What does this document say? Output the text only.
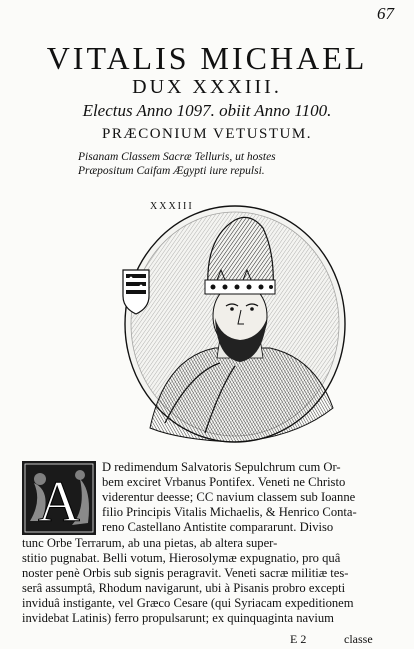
67
VITALIS MICHAEL
DUX XXXIII.
Electus Anno 1097. obiit Anno 1100.
PRÆCONIUM VETUSTUM.
Pisanam Classem Sacræ Telluris, ut hostes
Præpositum Caifam Ægypti iure repulsi.
XXXIII
A
D redimendum Salvatoris Sepulchrum cum Or-
bem exciret Vrbanus Pontifex. Veneti ne Christo
viderentur deesse; CC navium classem sub Ioanne
filio Principis Vitalis Michaelis, & Henrico Conta-
reno Castellano Antistite compararunt. Diviso
tunc Orbe Terrarum, ab una pietas, ab altera super-
stitio pugnabat. Belli votum, Hierosolymæ expugnatio, pro quâ
noster penè Orbis sub signis peragravit. Veneti sacræ militiæ tes-
serâ assumptâ, Rhodum navigarunt, ubi à Pisanis probro excepti
inviduâ instigante, vel Græco Cesare (qui Syriacam expeditionem
invidebat Latinis) ferro propulsarunt; ex quinquaginta navium
E 2	classe
